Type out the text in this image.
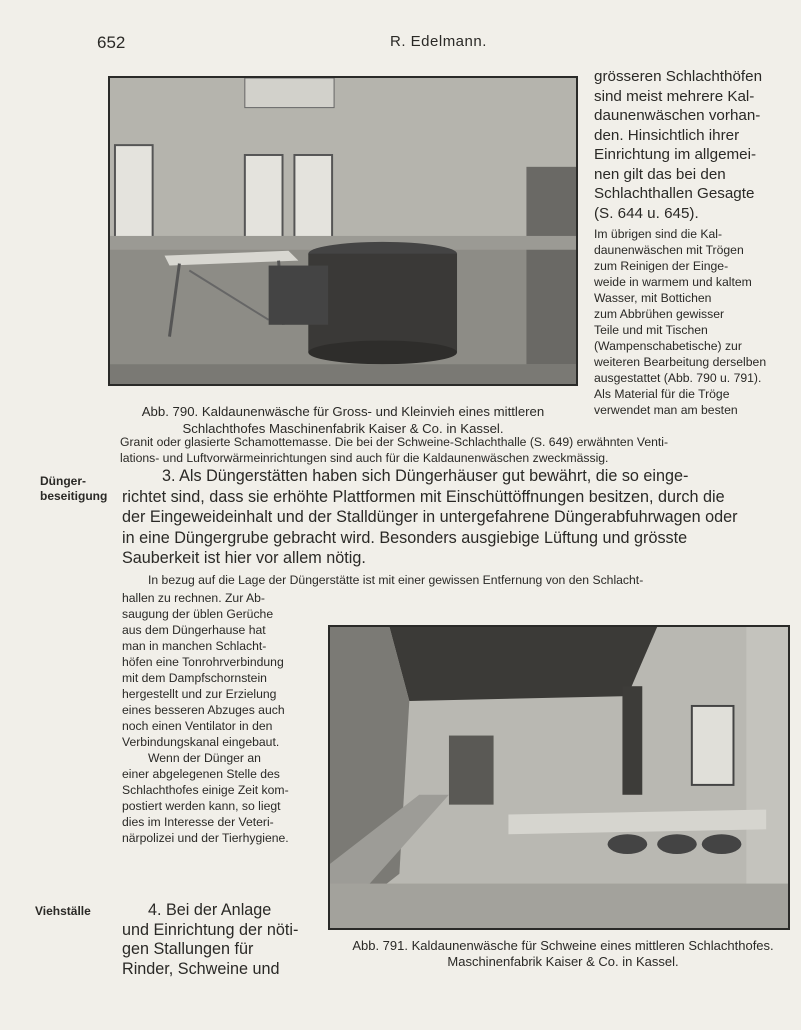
652	R. Edelmann.
Abb. 790. Kaldaunenwäsche für Gross- und Kleinvieh eines mittleren
Schlachthofes Maschinenfabrik Kaiser & Co. in Kassel.
grösseren Schlachthöfen
sind meist mehrere Kal-
daunenwäschen vorhan-
den. Hinsichtlich ihrer
Einrichtung im allgemei-
nen gilt das bei den
Schlachthallen Gesagte
(S. 644 u. 645).
Im übrigen sind die Kal-
daunenwäschen mit Trögen
zum Reinigen der Einge-
weide in warmem und kaltem
Wasser, mit Bottichen
zum Abbrühen gewisser
Teile und mit Tischen
(Wampenschabetische) zur
weiteren Bearbeitung derselben
ausgestattet (Abb. 790 u. 791).
Als Material für die Tröge
verwendet man am besten
Granit oder glasierte Schamottemasse. Die bei der Schweine-Schlachthalle (S. 649) erwähnten Venti-
lations- und Luftvorwärmeinrichtungen sind auch für die Kaldaunenwäschen zweckmässig.
Dünger-
beseitigung
Viehställe
3. Als Düngerstätten haben sich Düngerhäuser gut bewährt, die so einge-
richtet sind, dass sie erhöhte Plattformen mit Einschüttöffnungen besitzen, durch die
der Eingeweideinhalt und der Stalldünger in untergefahrene Düngerabfuhrwagen oder
in eine Düngergrube gebracht wird. Besonders ausgiebige Lüftung und grösste
Sauberkeit ist hier vor allem nötig.
In bezug auf die Lage der Düngerstätte ist mit einer gewissen Entfernung von den Schlacht-
hallen zu rechnen. Zur Ab-
saugung der üblen Gerüche
aus dem Düngerhause hat
man in manchen Schlacht-
höfen eine Tonrohrverbindung
mit dem Dampfschornstein
hergestellt und zur Erzielung
eines besseren Abzuges auch
noch einen Ventilator in den
Verbindungskanal eingebaut.
Wenn der Dünger an
einer abgelegenen Stelle des
Schlachthofes einige Zeit kom-
postiert werden kann, so liegt
dies im Interesse der Veteri-
närpolizei und der Tierhygiene.
4. Bei der Anlage
und Einrichtung der nöti-
gen Stallungen für
Rinder, Schweine und
Abb. 791. Kaldaunenwäsche für Schweine eines mittleren Schlachthofes.
Maschinenfabrik Kaiser & Co. in Kassel.
